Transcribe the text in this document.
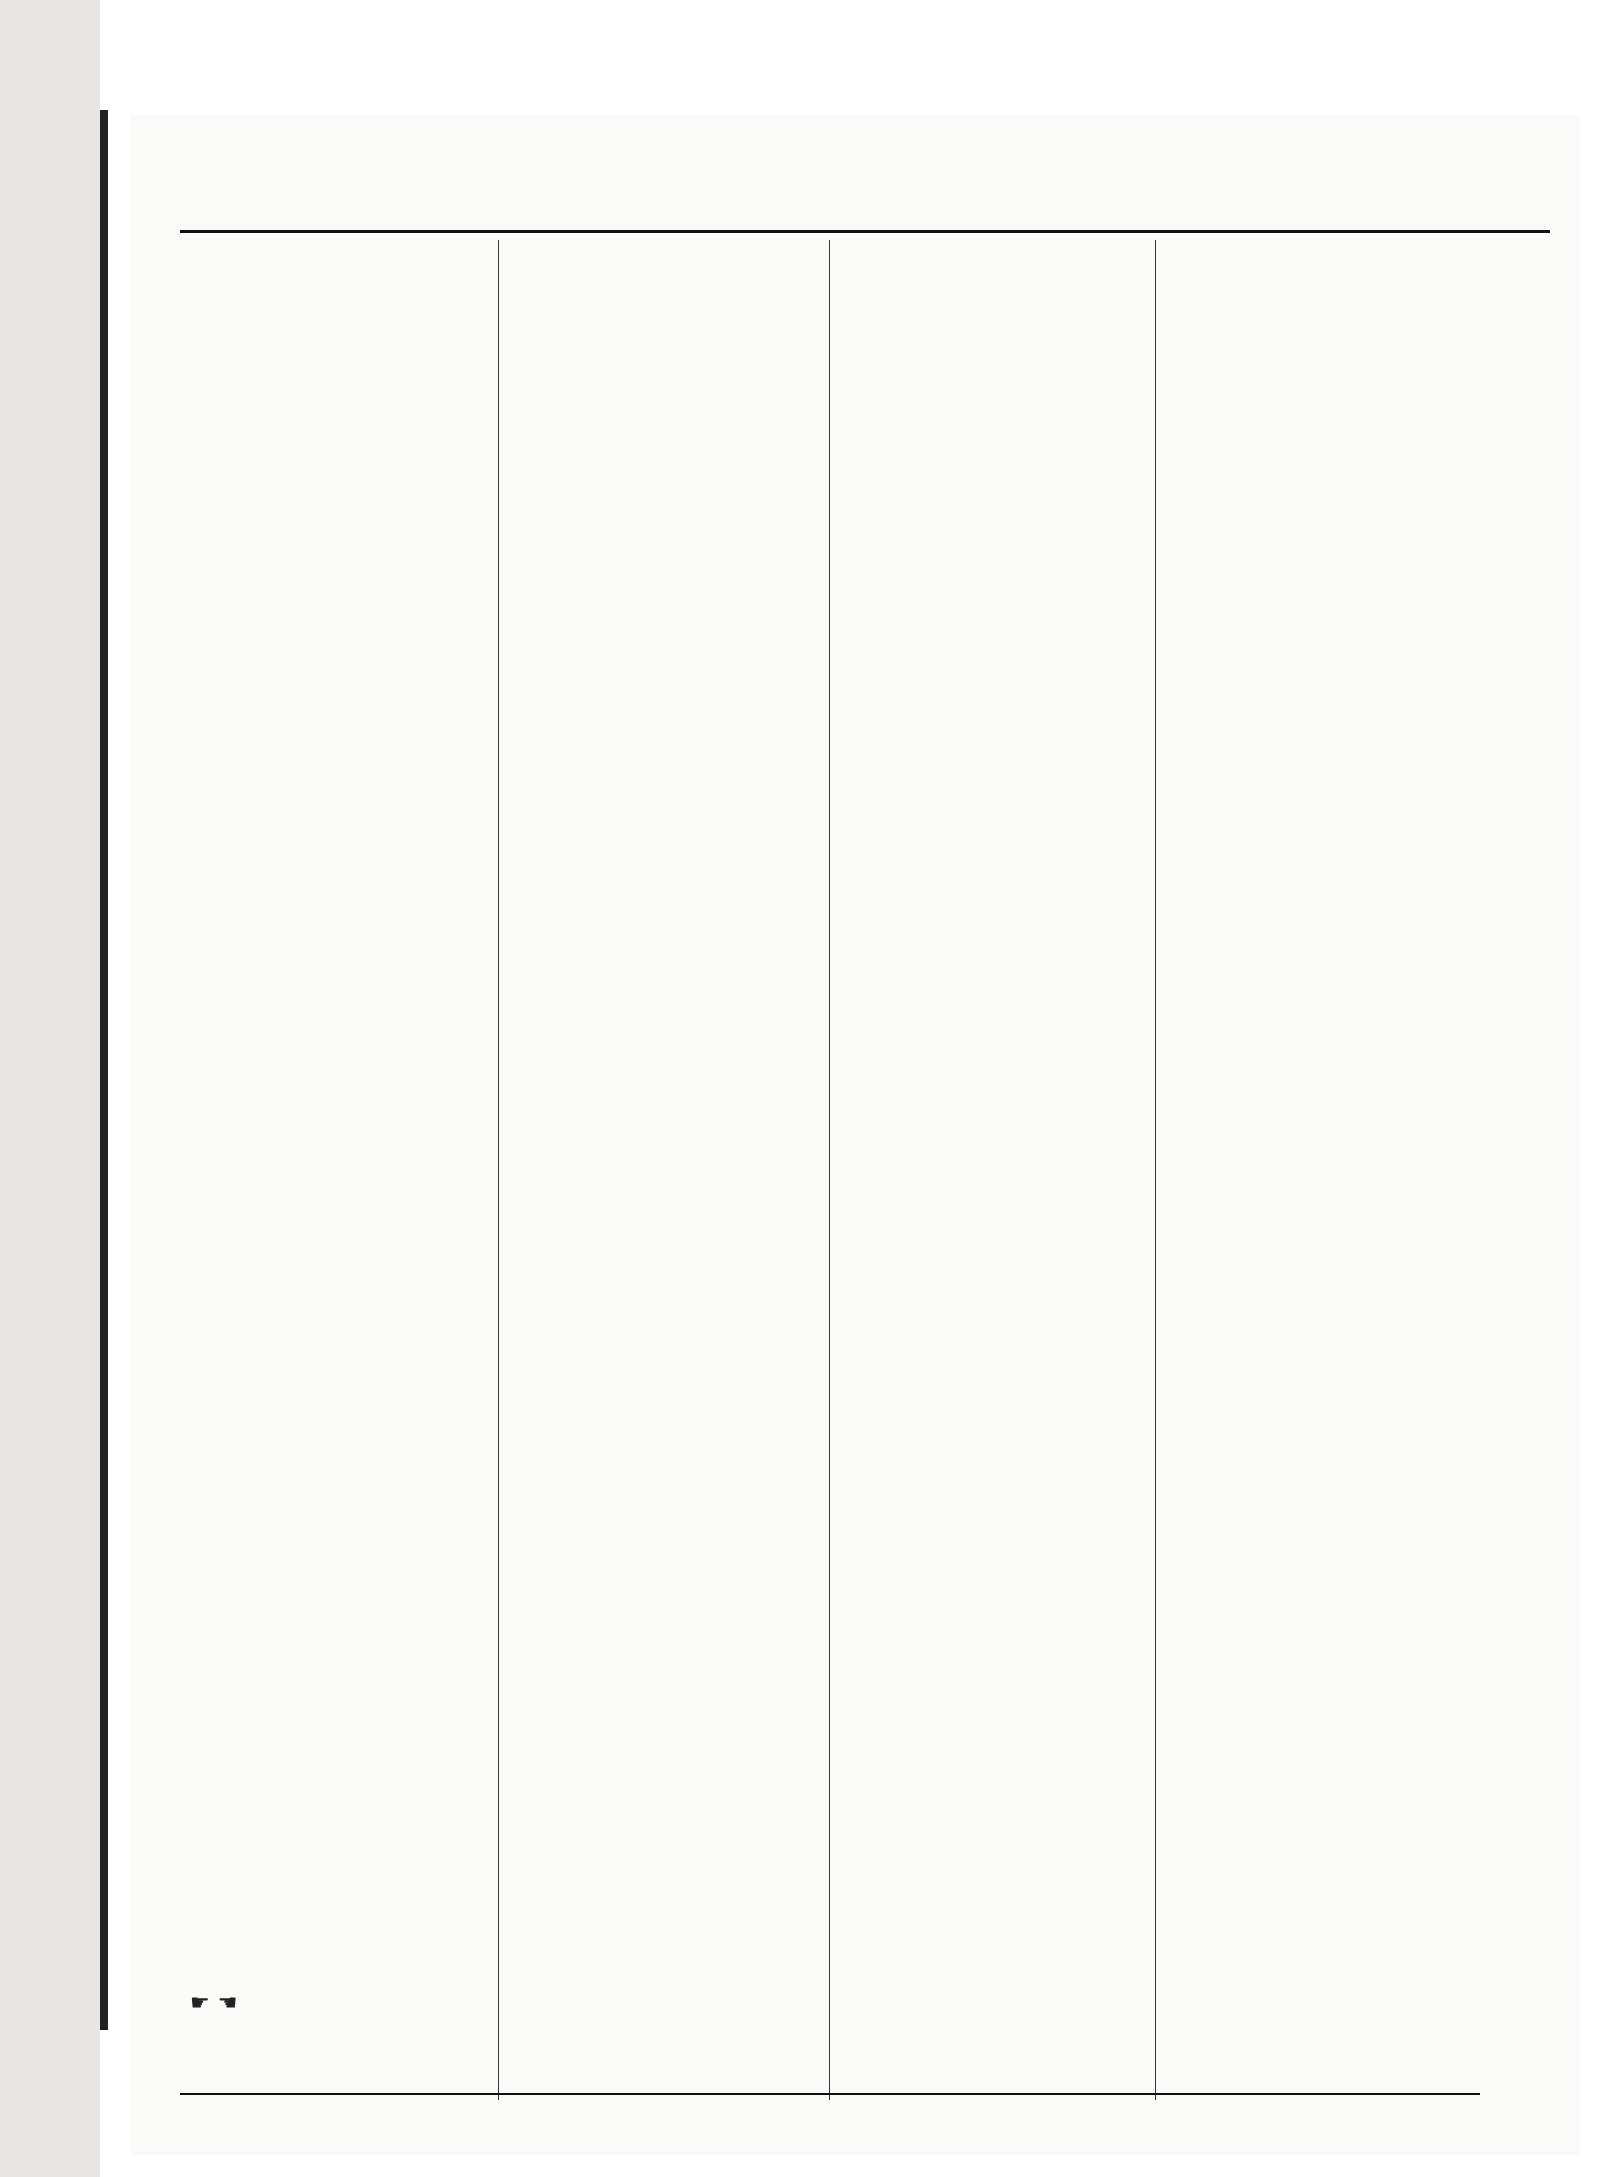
☛ ☚
